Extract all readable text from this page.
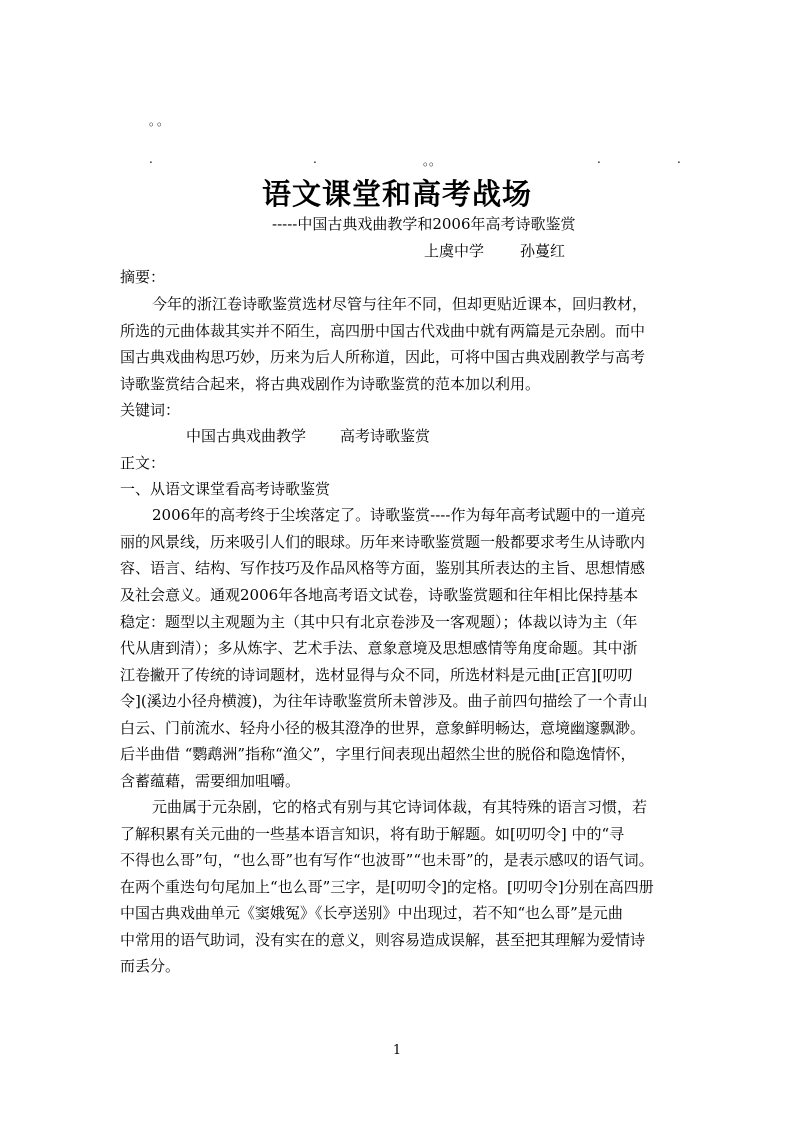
。。
.	.	。。	.	.
语文课堂和高考战场
-----中国古典戏曲教学和2006年高考诗歌鉴赏
上虞中学 孙蔓红
摘要：
今年的浙江卷诗歌鉴赏选材尽管与往年不同，但却更贴近课本，回归教材，
所选的元曲体裁其实并不陌生，高四册中国古代戏曲中就有两篇是元杂剧。而中
国古典戏曲构思巧妙，历来为后人所称道，因此，可将中国古典戏剧教学与高考
诗歌鉴赏结合起来，将古典戏剧作为诗歌鉴赏的范本加以利用。
关键词：
中国古典戏曲教学 高考诗歌鉴赏
正文：
一、从语文课堂看高考诗歌鉴赏
2006年的高考终于尘埃落定了。诗歌鉴赏----作为每年高考试题中的一道亮
丽的风景线，历来吸引人们的眼球。历年来诗歌鉴赏题一般都要求考生从诗歌内
容、语言、结构、写作技巧及作品风格等方面，鉴别其所表达的主旨、思想情感
及社会意义。通观2006年各地高考语文试卷，诗歌鉴赏题和往年相比保持基本
稳定：题型以主观题为主（其中只有北京卷涉及一客观题）；体裁以诗为主（年
代从唐到清）；多从炼字、艺术手法、意象意境及思想感情等角度命题。其中浙
江卷撇开了传统的诗词题材，选材显得与众不同，所选材料是元曲[正宫][叨叨
令](溪边小径舟横渡)，为往年诗歌鉴赏所未曾涉及。曲子前四句描绘了一个青山
白云、门前流水、轻舟小径的极其澄净的世界，意象鲜明畅达，意境幽邃飘渺。
后半曲借 “鹦鹉洲”指称“渔父”，字里行间表现出超然尘世的脱俗和隐逸情怀，
含蓄蕴藉，需要细加咀嚼。
元曲属于元杂剧，它的格式有别与其它诗词体裁，有其特殊的语言习惯，若
了解积累有关元曲的一些基本语言知识，将有助于解题。如[叨叨令] 中的“寻
不得也么哥”句，“也么哥”也有写作“也波哥”“也未哥”的，是表示感叹的语气词。
在两个重迭句句尾加上“也么哥”三字，是[叨叨令]的定格。[叨叨令]分别在高四册
中国古典戏曲单元《窦娥冤》《长亭送别》中出现过，若不知“也么哥”是元曲
中常用的语气助词，没有实在的意义，则容易造成误解，甚至把其理解为爱情诗
而丢分。
1
